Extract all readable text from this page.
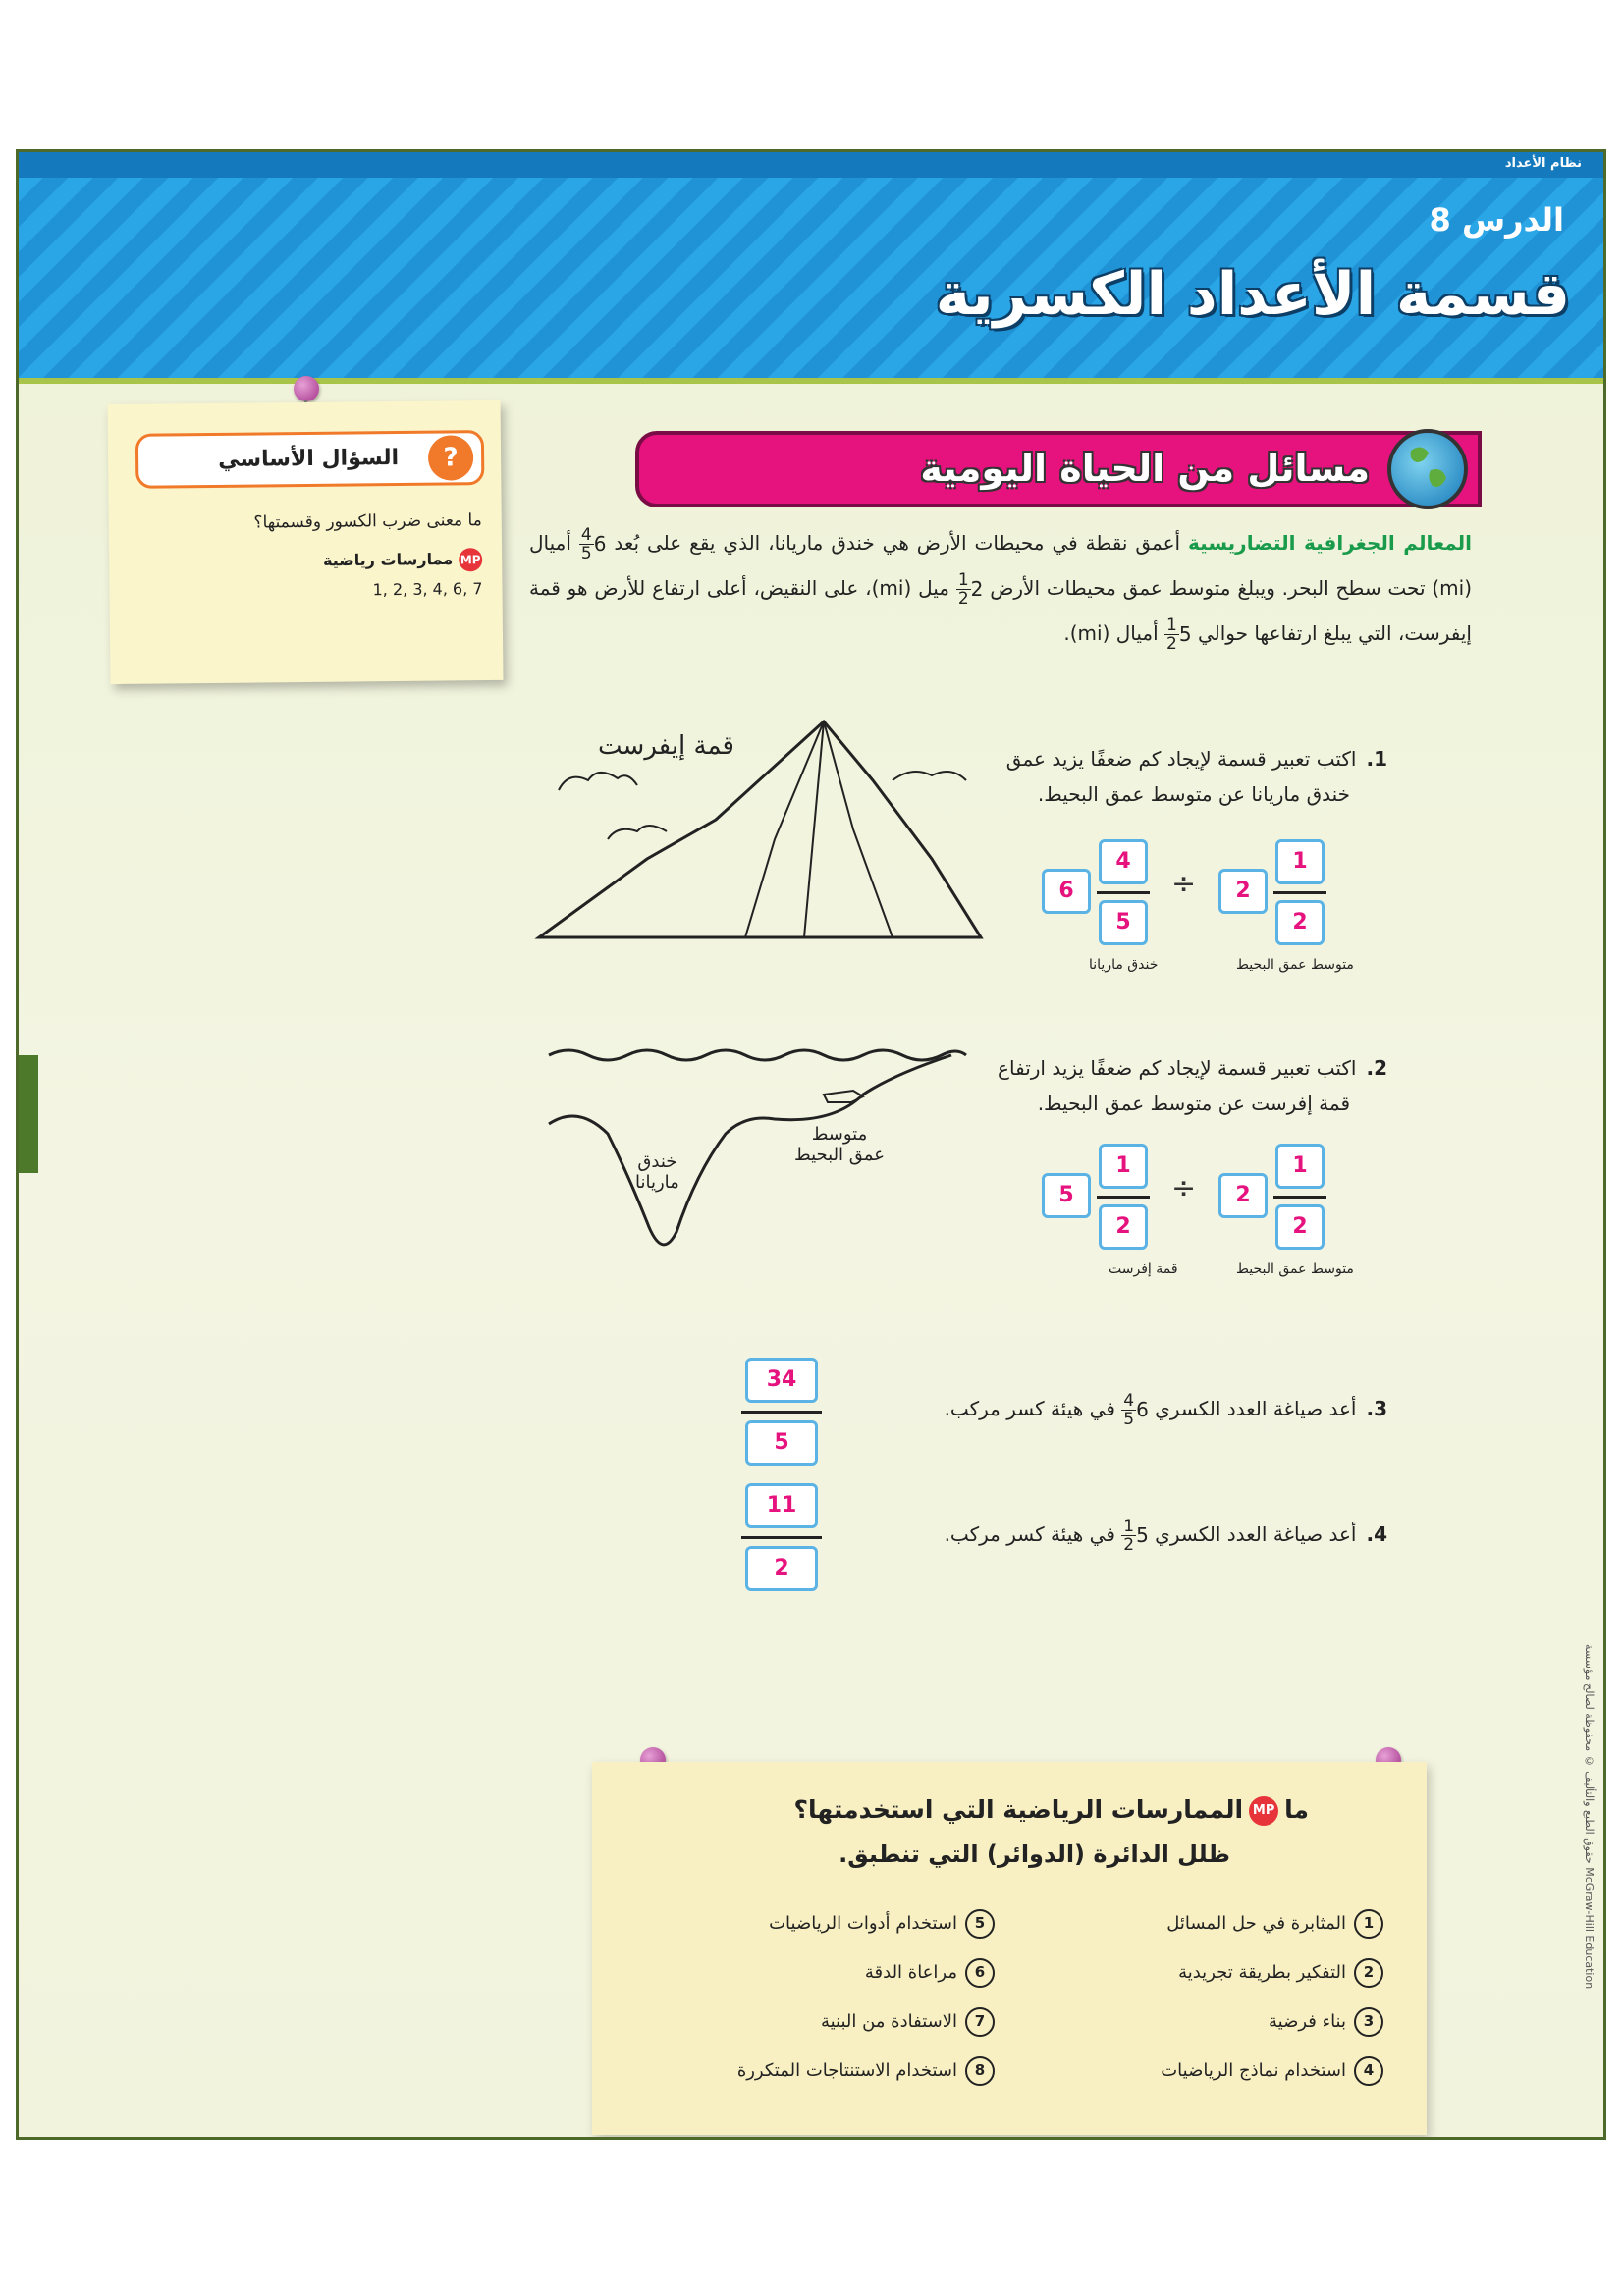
نظام الأعداد
الدرس 8
قسمة الأعداد الكسرية
?
السؤال الأساسي
ما معنى ضرب الكسور وقسمتها؟
MPممارسات رياضية
1, 2, 3, 4, 6, 7
مسائل من الحياة اليومية
المعالم الجغرافية التضاريسية أعمق نقطة في محيطات الأرض هي خندق ماريانا، الذي يقع على بُعد
6
$\frac{4}{5}$
أميال (mi) تحت سطح البحر. ويبلغ متوسط عمق محيطات الأرض
2
$\frac{1}{2}$
ميل (mi)، على النقيض، أعلى ارتفاع للأرض هو قمة إيفرست، التي يبلغ ارتفاعها حوالي
5
$\frac{1}{2}$
أميال (mi).
قمة إيفرست	1.اكتب تعبير قسمة لإيجاد كم ضعفًا يزيد عمق
خندق ماريانا عن متوسط عمق البحيط.
1
2
2
÷
4
5
6
متوسط عمق البحيط
خندق ماريانا
خندق
ماريانا
متوسط
عمق البحيط
2.اكتب تعبير قسمة لإيجاد كم ضعفًا يزيد ارتفاع
قمة إفرست عن متوسط عمق البحيط.
1
2
2
÷
1
2
5
متوسط عمق البحيط
قمة إفرست
3.أعد صياغة العدد الكسري
6
$\frac{4}{5}$
في هيئة كسر مركب.
34
5
4.أعد صياغة العدد الكسري
5
$\frac{1}{2}$
في هيئة كسر مركب.
11
2
ماMPالممارسات الرياضية التي استخدمتها؟
ظلل الدائرة (الدوائر) التي تنطبق.
1المثابرة في حل المسائل
2التفكير بطريقة تجريدية
3بناء فرضية
4استخدام نماذج الرياضيات
5استخدام أدوات الرياضيات
6مراعاة الدقة
7الاستفادة من البنية
8استخدام الاستنتاجات المتكررة
حقوق الطبع والتأليف © محفوظة لصالح مؤسسة McGraw-Hill Education
